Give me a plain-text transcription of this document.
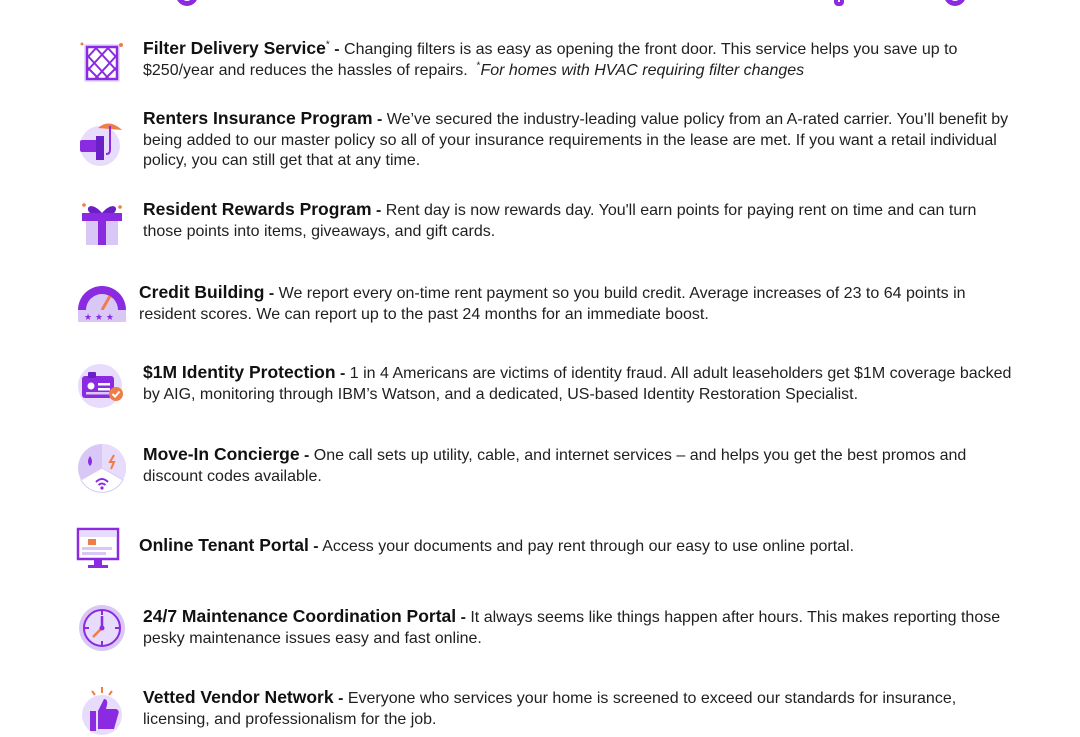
Filter Delivery Service* - Changing filters is as easy as opening the front door. This service helps you save up to $250/year and reduces the hassles of repairs. *For homes with HVAC requiring filter changes
Renters Insurance Program - We’ve secured the industry-leading value policy from an A-rated carrier. You’ll benefit by being added to our master policy so all of your insurance requirements in the lease are met. If you want a retail individual policy, you can still get that at any time.
Resident Rewards Program - Rent day is now rewards day. You'll earn points for paying rent on time and can turn those points into items, giveaways, and gift cards.
★ ★ ★
Credit Building - We report every on-time rent payment so you build credit. Average increases of 23 to 64 points in resident scores. We can report up to the past 24 months for an immediate boost.
$1M Identity Protection - 1 in 4 Americans are victims of identity fraud. All adult leaseholders get $1M coverage backed by AIG, monitoring through IBM’s Watson, and a dedicated, US-based Identity Restoration Specialist.
Move-In Concierge - One call sets up utility, cable, and internet services – and helps you get the best promos and discount codes available.
Online Tenant Portal - Access your documents and pay rent through our easy to use online portal.
24/7 Maintenance Coordination Portal - It always seems like things happen after hours. This makes reporting those pesky maintenance issues easy and fast online.
Vetted Vendor Network - Everyone who services your home is screened to exceed our standards for insurance, licensing, and professionalism for the job.
